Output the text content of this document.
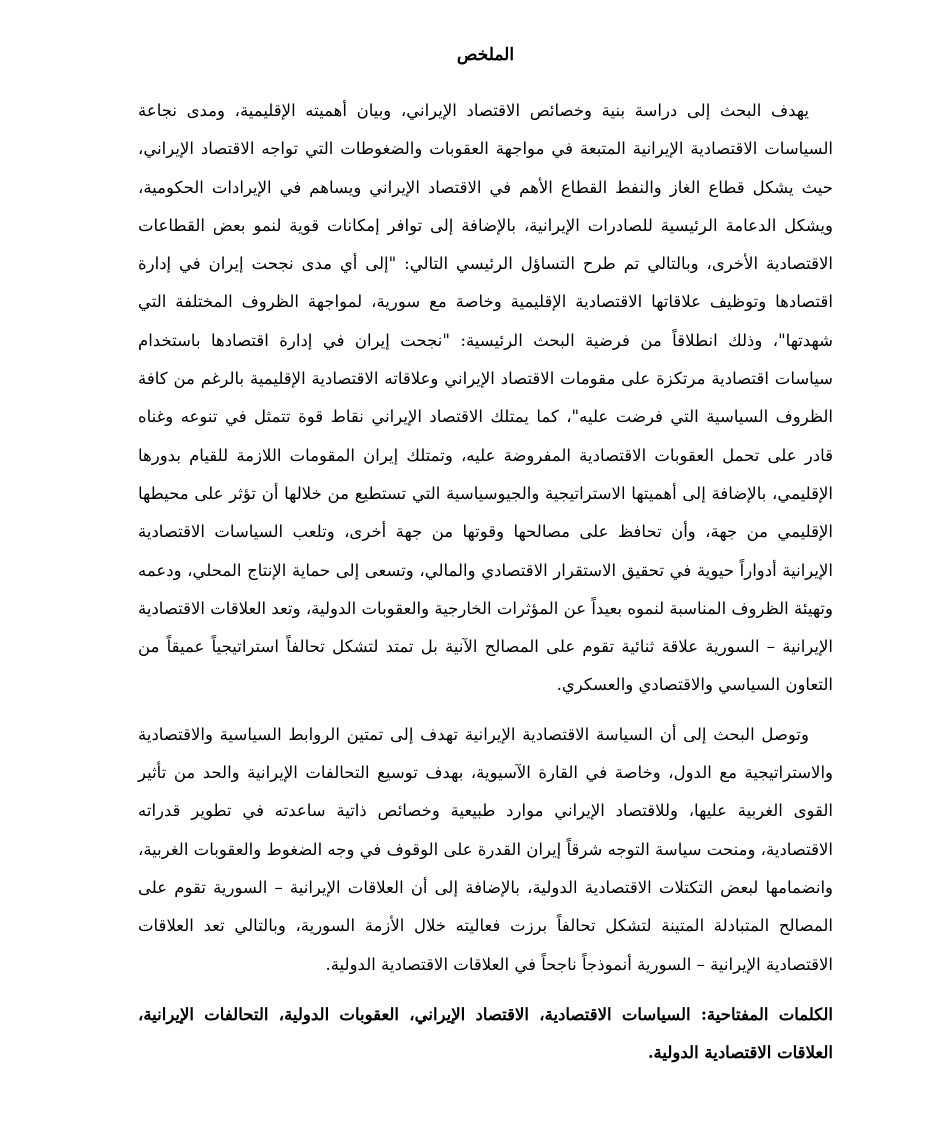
الملخص

يهدف البحث إلى دراسة بنية وخصائص الاقتصاد الإيراني، وبيان أهميته الإقليمية، ومدى نجاعة السياسات الاقتصادية الإيرانية المتبعة في مواجهة العقوبات والضغوطات التي تواجه الاقتصاد الإيراني، حيث يشكل قطاع الغاز والنفط القطاع الأهم في الاقتصاد الإيراني ويساهم في الإيرادات الحكومية، ويشكل الدعامة الرئيسية للصادرات الإيرانية، بالإضافة إلى توافر إمكانات قوية لنمو بعض القطاعات الاقتصادية الأخرى، وبالتالي تم طرح التساؤل الرئيسي التالي: "إلى أي مدى نجحت إيران في إدارة اقتصادها وتوظيف علاقاتها الاقتصادية الإقليمية وخاصة مع سورية، لمواجهة الظروف المختلفة التي شهدتها"، وذلك انطلاقاً من فرضية البحث الرئيسية: "نجحت إيران في إدارة اقتصادها باستخدام سياسات اقتصادية مرتكزة على مقومات الاقتصاد الإيراني وعلاقاته الاقتصادية الإقليمية بالرغم من كافة الظروف السياسية التي فرضت عليه"، كما يمتلك الاقتصاد الإيراني نقاط قوة تتمثل في تنوعه وغناه قادر على تحمل العقوبات الاقتصادية المفروضة عليه، وتمتلك إيران المقومات اللازمة للقيام بدورها الإقليمي، بالإضافة إلى أهميتها الاستراتيجية والجيوسياسية التي تستطيع من خلالها أن تؤثر على محيطها الإقليمي من جهة، وأن تحافظ على مصالحها وقوتها من جهة أخرى، وتلعب السياسات الاقتصادية الإيرانية أدواراً حيوية في تحقيق الاستقرار الاقتصادي والمالي، وتسعى إلى حماية الإنتاج المحلي، ودعمه وتهيئة الظروف المناسبة لنموه بعيداً عن المؤثرات الخارجية والعقوبات الدولية، وتعد العلاقات الاقتصادية الإيرانية – السورية علاقة ثنائية تقوم على المصالح الآنية بل تمتد لتشكل تحالفاً استراتيجياً عميقاً من التعاون السياسي والاقتصادي والعسكري.

وتوصل البحث إلى أن السياسة الاقتصادية الإيرانية تهدف إلى تمتين الروابط السياسية والاقتصادية والاستراتيجية مع الدول، وخاصة في القارة الآسيوية، بهدف توسيع التحالفات الإيرانية والحد من تأثير القوى الغربية عليها، وللاقتصاد الإيراني موارد طبيعية وخصائص ذاتية ساعدته في تطوير قدراته الاقتصادية، ومنحت سياسة التوجه شرقاً إيران القدرة على الوقوف في وجه الضغوط والعقوبات الغربية، وانضمامها لبعض التكتلات الاقتصادية الدولية، بالإضافة إلى أن العلاقات الإيرانية – السورية تقوم على المصالح المتبادلة المتينة لتشكل تحالفاً برزت فعاليته خلال الأزمة السورية، وبالتالي تعد العلاقات الاقتصادية الإيرانية – السورية أنموذجاً ناجحاً في العلاقات الاقتصادية الدولية.

الكلمات المفتاحية: السياسات الاقتصادية، الاقتصاد الإيراني، العقوبات الدولية، التحالفات الإيرانية، العلاقات الاقتصادية الدولية.
